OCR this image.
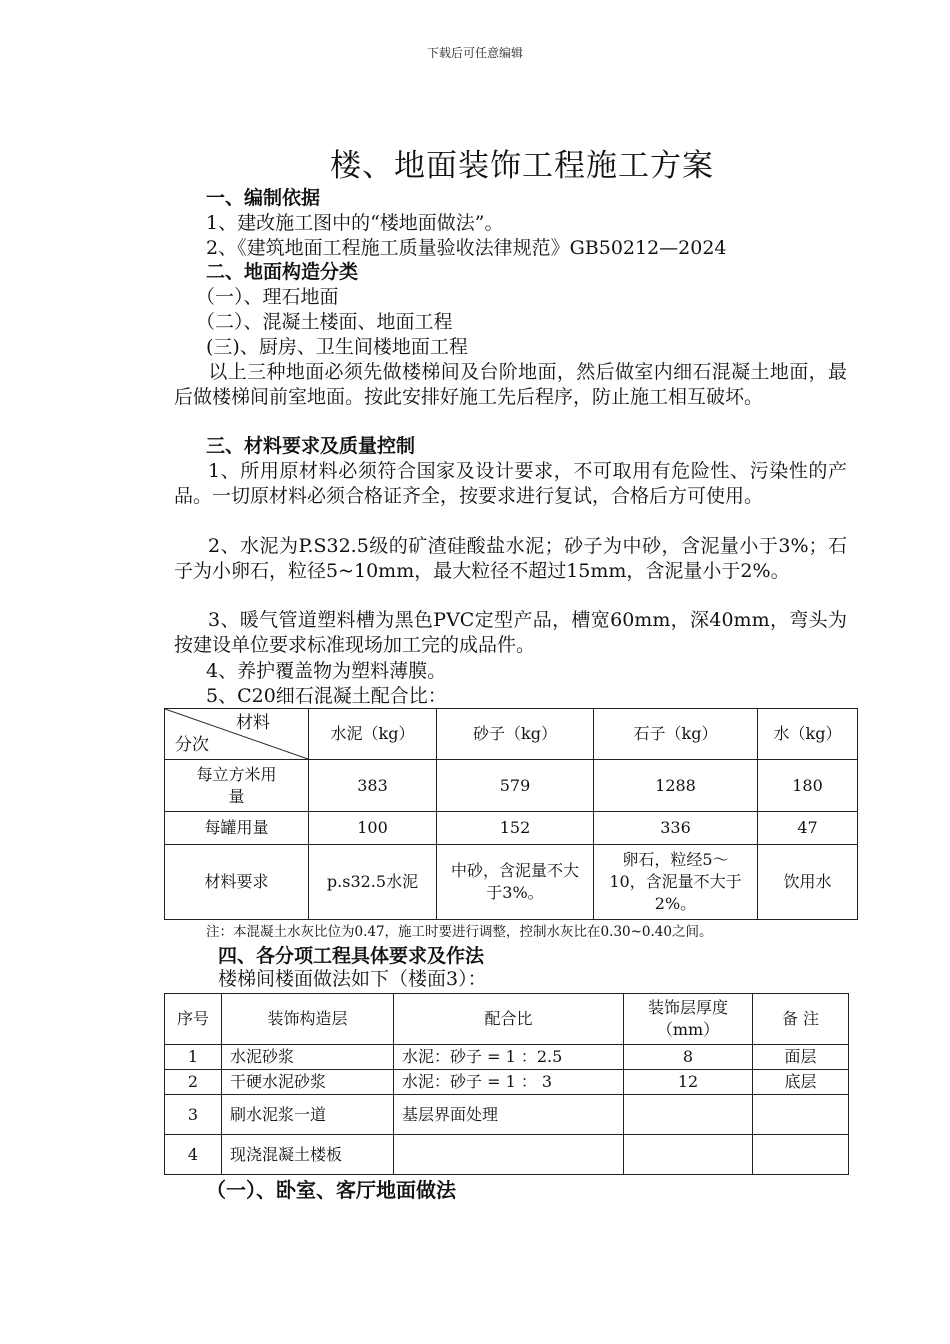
下载后可任意编辑
楼、地面装饰工程施工方案
一、编制依据
1、建改施工图中的“楼地面做法”。
2、《建筑地面工程施工质量验收法律规范》GB50212—2024
二、地面构造分类
（一）、理石地面
（二）、混凝土楼面、地面工程
(三)、厨房、卫生间楼地面工程
以上三种地面必须先做楼梯间及台阶地面，然后做室内细石混凝土地面，最后做楼梯间前室地面。按此安排好施工先后程序，防止施工相互破坏。
三、材料要求及质量控制
1、所用原材料必须符合国家及设计要求，不可取用有危险性、污染性的产品。一切原材料必须合格证齐全，按要求进行复试，合格后方可使用。
2、水泥为P.S32.5级的矿渣硅酸盐水泥；砂子为中砂，含泥量小于3%；石子为小卵石，粒径5~10mm，最大粒径不超过15mm，含泥量小于2%。
3、暖气管道塑料槽为黑色PVC定型产品，槽宽60mm，深40mm，弯头为按建设单位要求标准现场加工完的成品件。
4、养护覆盖物为塑料薄膜。
5、C20细石混凝土配合比：
材料
分次	水泥（kg）	砂子（kg）	石子（kg）	水（kg）
每立方米用量	383	579	1288	180
每罐用量	100	152	336	47
材料要求	p.s32.5水泥	中砂，含泥量不大于3%。	卵石，粒经5～10，含泥量不大于2%。	饮用水
注：本混凝土水灰比位为0.47，施工时要进行调整，控制水灰比在0.30~0.40之间。
四、各分项工程具体要求及作法
楼梯间楼面做法如下（楼面3）：
序号	装饰构造层	配合比	装饰层厚度（mm）	备 注
1	水泥砂浆	水泥：砂子 = 1 ：2.5	8	面层
2	干硬水泥砂浆	水泥：砂子 = 1 ： 3	12	底层
3	刷水泥浆一道	基层界面处理		
4	现浇混凝土楼板			
（一）、卧室、客厅地面做法
